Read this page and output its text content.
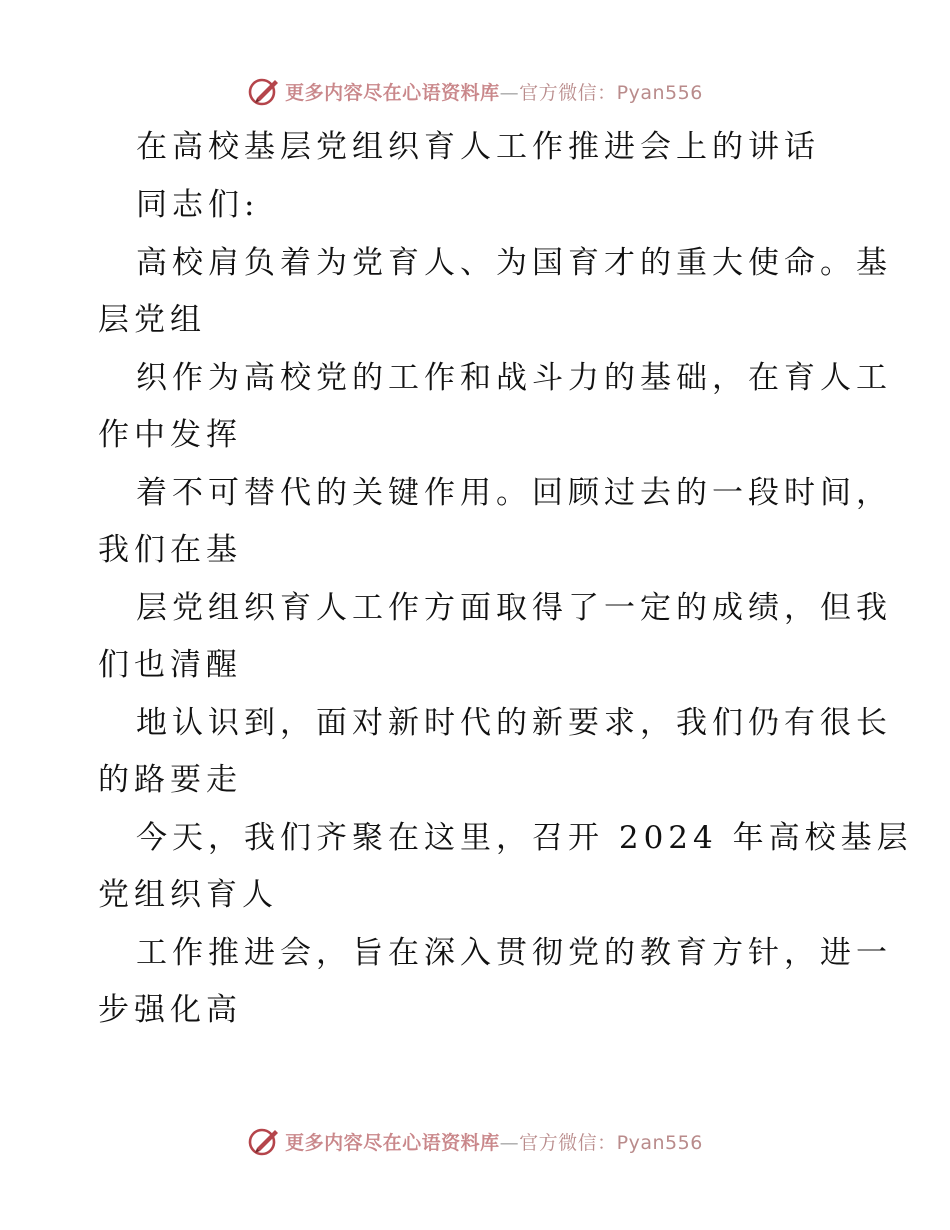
更多内容尽在心语资料库—官方微信：Pyan556
在高校基层党组织育人工作推进会上的讲话
同志们:
高校肩负着为党育人、为国育才的重大使命。基
层党组
织作为高校党的工作和战斗力的基础，在育人工
作中发挥
着不可替代的关键作用。回顾过去的一段时间，
我们在基
层党组织育人工作方面取得了一定的成绩，但我
们也清醒
地认识到，面对新时代的新要求，我们仍有很长
的路要走
今天，我们齐聚在这里，召开 2024 年高校基层
党组织育人
工作推进会，旨在深入贯彻党的教育方针，进一
步强化高
更多内容尽在心语资料库—官方微信：Pyan556
